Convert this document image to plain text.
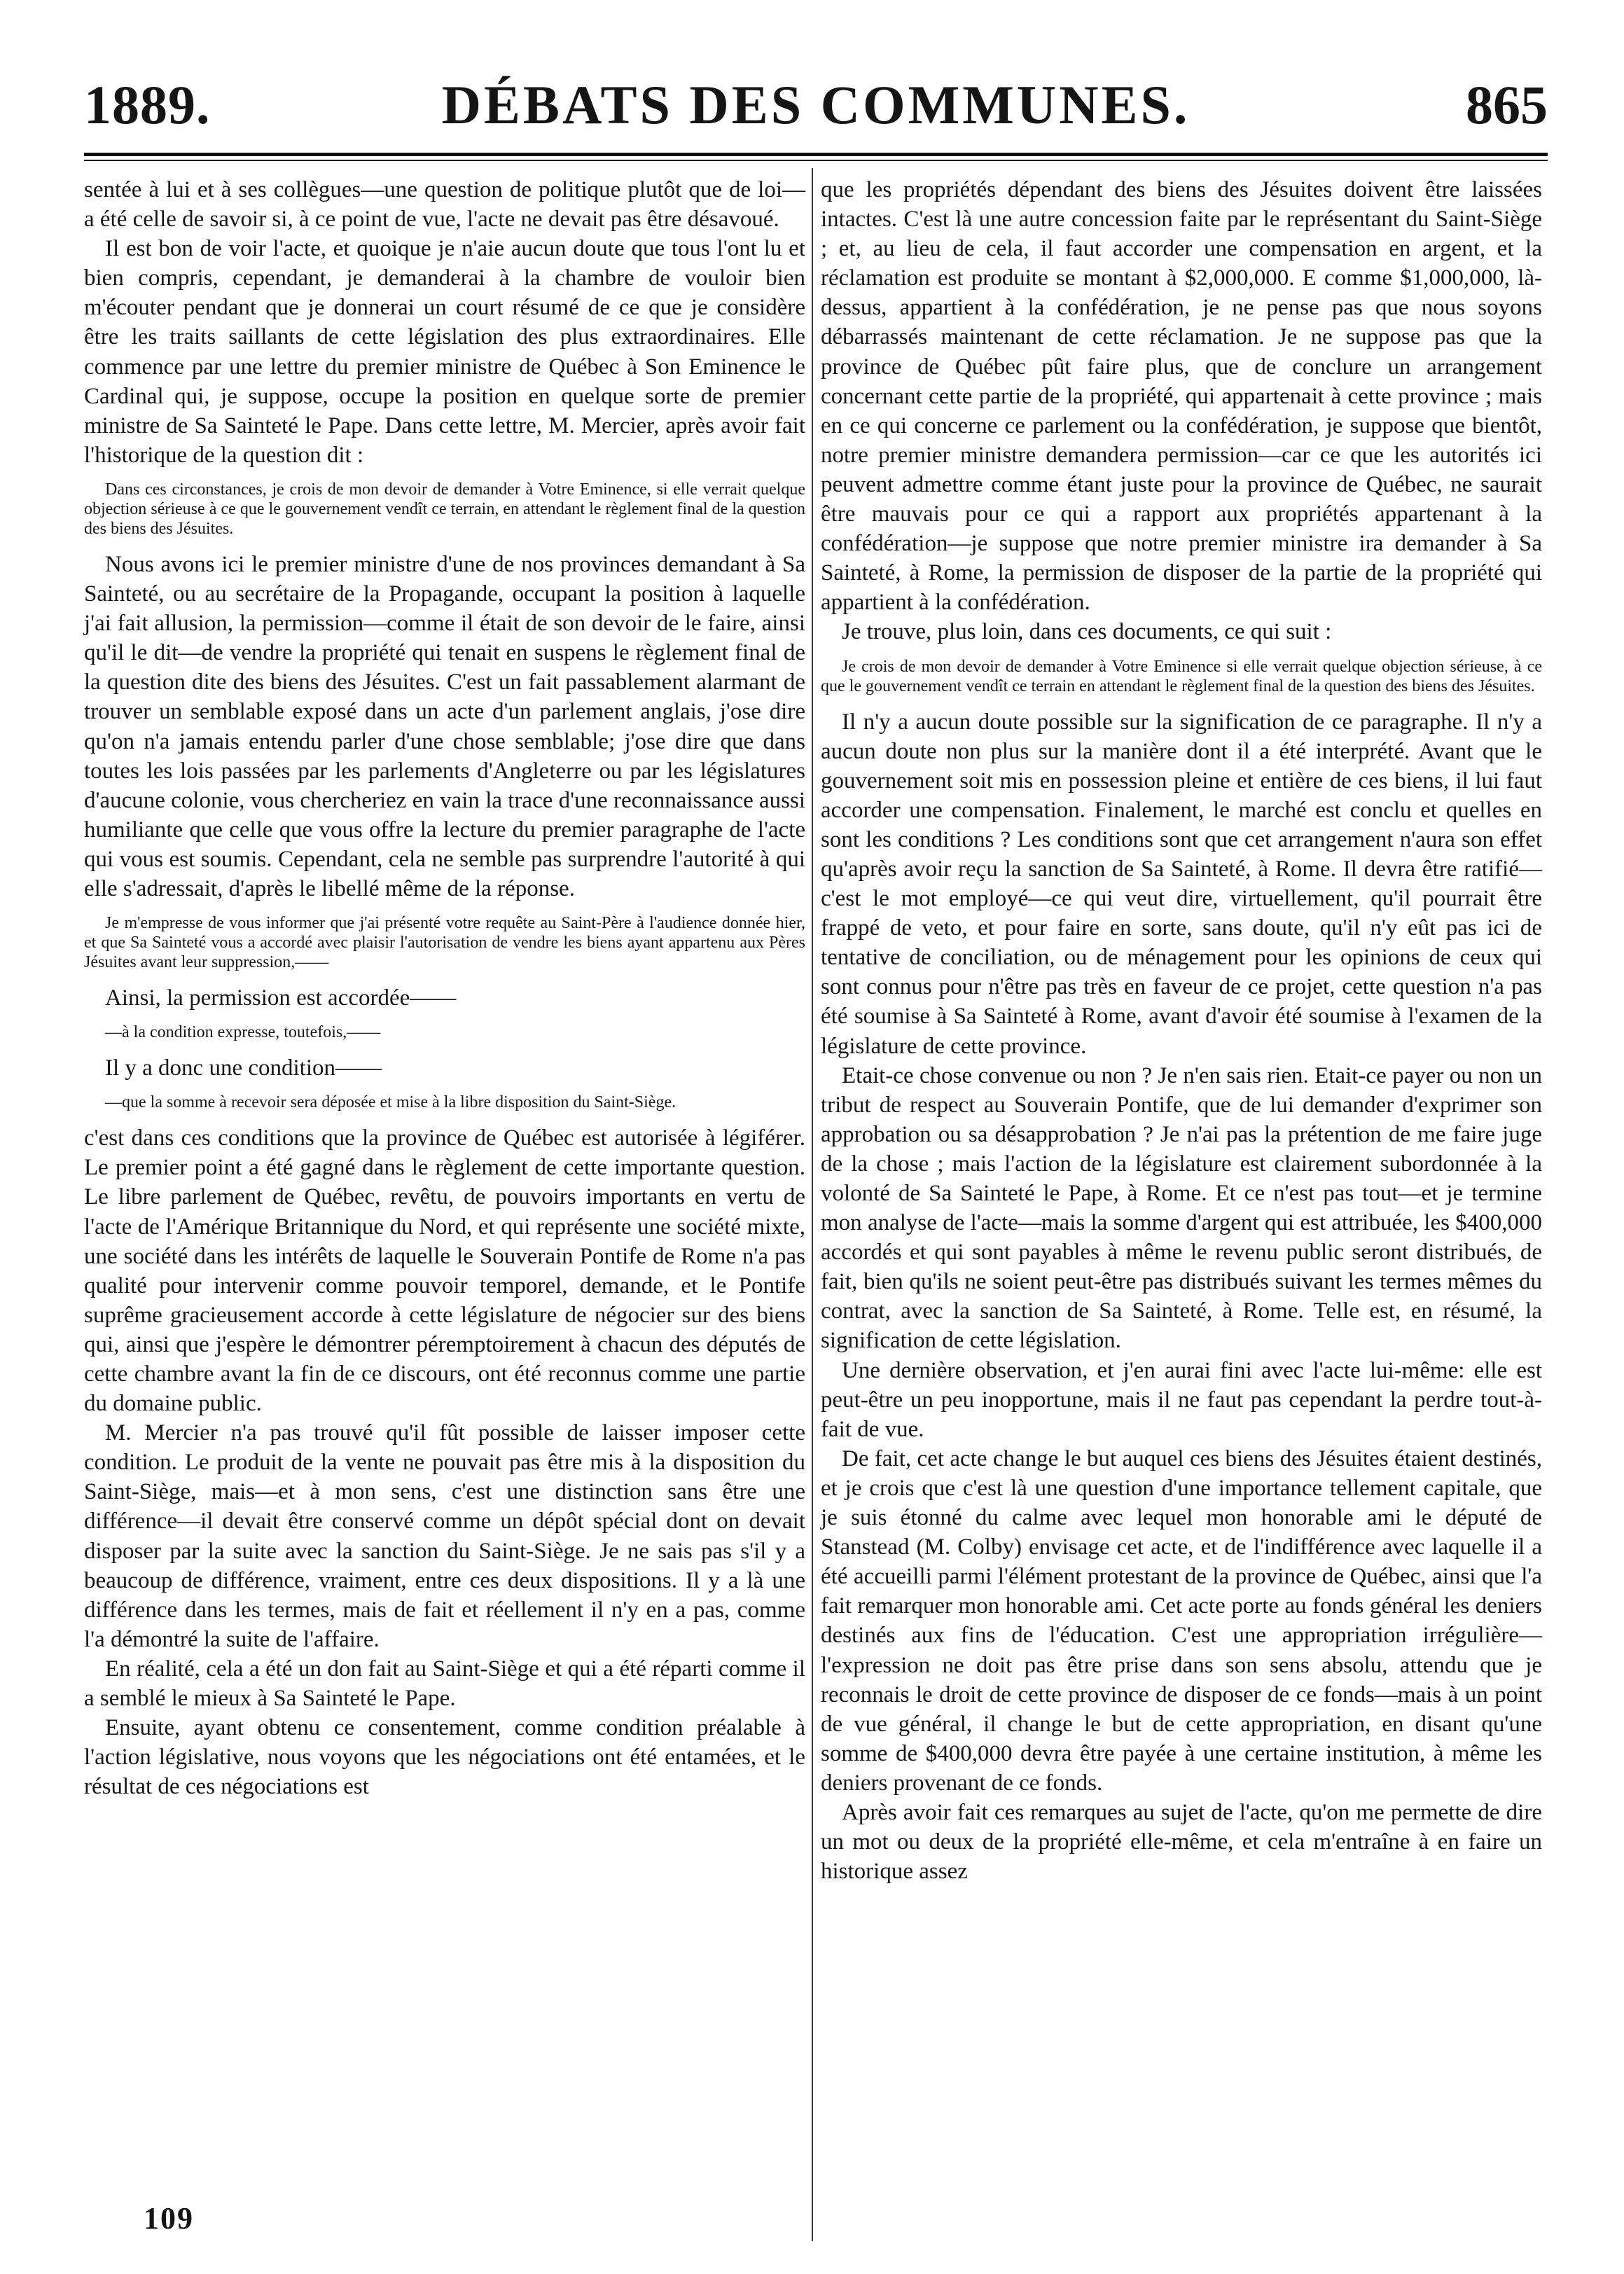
1889.	DÉBATS DES COMMUNES.	865

sentée à lui et à ses collègues—une question de politique plutôt que de loi— a été celle de savoir si, à ce point de vue, l'acte ne devait pas être désavoué.

Il est bon de voir l'acte, et quoique je n'aie aucun doute que tous l'ont lu et bien compris, cependant, je demanderai à la chambre de vouloir bien m'écouter pendant que je donnerai un court résumé de ce que je considère être les traits saillants de cette législation des plus extraordinaires. Elle commence par une lettre du premier ministre de Québec à Son Eminence le Cardinal qui, je suppose, occupe la position en quelque sorte de premier ministre de Sa Sainteté le Pape. Dans cette lettre, M. Mercier, après avoir fait l'historique de la question dit :

Dans ces circonstances, je crois de mon devoir de demander à Votre Eminence, si elle verrait quelque objection sérieuse à ce que le gouvernement vendît ce terrain, en attendant le règlement final de la question des biens des Jésuites.

Nous avons ici le premier ministre d'une de nos provinces demandant à Sa Sainteté, ou au secrétaire de la Propagande, occupant la position à laquelle j'ai fait allusion, la permission—comme il était de son devoir de le faire, ainsi qu'il le dit—de vendre la propriété qui tenait en suspens le règlement final de la question dite des biens des Jésuites. C'est un fait passablement alarmant de trouver un semblable exposé dans un acte d'un parlement anglais, j'ose dire qu'on n'a jamais entendu parler d'une chose semblable; j'ose dire que dans toutes les lois passées par les parlements d'Angleterre ou par les législatures d'aucune colonie, vous chercheriez en vain la trace d'une reconnaissance aussi humiliante que celle que vous offre la lecture du premier paragraphe de l'acte qui vous est soumis. Cependant, cela ne semble pas surprendre l'autorité à qui elle s'adressait, d'après le libellé même de la réponse.

Je m'empresse de vous informer que j'ai présenté votre requête au Saint-Père à l'audience donnée hier, et que Sa Sainteté vous a accordé avec plaisir l'autorisation de vendre les biens ayant appartenu aux Pères Jésuites avant leur suppression,——

Ainsi, la permission est accordée——

—à la condition expresse, toutefois,——

Il y a donc une condition——

—que la somme à recevoir sera déposée et mise à la libre disposition du Saint-Siège.

c'est dans ces conditions que la province de Québec est autorisée à légiférer. Le premier point a été gagné dans le règlement de cette importante question. Le libre parlement de Québec, revêtu, de pouvoirs importants en vertu de l'acte de l'Amérique Britannique du Nord, et qui représente une société mixte, une société dans les intérêts de laquelle le Souverain Pontife de Rome n'a pas qualité pour intervenir comme pouvoir temporel, demande, et le Pontife suprême gracieusement accorde à cette législature de négocier sur des biens qui, ainsi que j'espère le démontrer péremptoirement à chacun des députés de cette chambre avant la fin de ce discours, ont été reconnus comme une partie du domaine public.

M. Mercier n'a pas trouvé qu'il fût possible de laisser imposer cette condition. Le produit de la vente ne pouvait pas être mis à la disposition du Saint-Siège, mais—et à mon sens, c'est une distinction sans être une différence—il devait être conservé comme un dépôt spécial dont on devait disposer par la suite avec la sanction du Saint-Siège. Je ne sais pas s'il y a beaucoup de différence, vraiment, entre ces deux dispositions. Il y a là une différence dans les termes, mais de fait et réellement il n'y en a pas, comme l'a démontré la suite de l'affaire.

En réalité, cela a été un don fait au Saint-Siège et qui a été réparti comme il a semblé le mieux à Sa Sainteté le Pape.

Ensuite, ayant obtenu ce consentement, comme condition préalable à l'action législative, nous voyons que les négociations ont été entamées, et le résultat de ces négociations est

que les propriétés dépendant des biens des Jésuites doivent être laissées intactes. C'est là une autre concession faite par le représentant du Saint-Siège ; et, au lieu de cela, il faut accorder une compensation en argent, et la réclamation est produite se montant à $2,000,000. E comme $1,000,000, là-dessus, appartient à la confédération, je ne pense pas que nous soyons débarrassés maintenant de cette réclamation. Je ne suppose pas que la province de Québec pût faire plus, que de conclure un arrangement concernant cette partie de la propriété, qui appartenait à cette province ; mais en ce qui concerne ce parlement ou la confédération, je suppose que bientôt, notre premier ministre demandera permission—car ce que les autorités ici peuvent admettre comme étant juste pour la province de Québec, ne saurait être mauvais pour ce qui a rapport aux propriétés appartenant à la confédération—je suppose que notre premier ministre ira demander à Sa Sainteté, à Rome, la permission de disposer de la partie de la propriété qui appartient à la confédération.

Je trouve, plus loin, dans ces documents, ce qui suit :

Je crois de mon devoir de demander à Votre Eminence si elle verrait quelque objection sérieuse, à ce que le gouvernement vendît ce terrain en attendant le règlement final de la question des biens des Jésuites.

Il n'y a aucun doute possible sur la signification de ce paragraphe. Il n'y a aucun doute non plus sur la manière dont il a été interprété. Avant que le gouvernement soit mis en possession pleine et entière de ces biens, il lui faut accorder une compensation. Finalement, le marché est conclu et quelles en sont les conditions ? Les conditions sont que cet arrangement n'aura son effet qu'après avoir reçu la sanction de Sa Sainteté, à Rome. Il devra être ratifié—c'est le mot employé—ce qui veut dire, virtuellement, qu'il pourrait être frappé de veto, et pour faire en sorte, sans doute, qu'il n'y eût pas ici de tentative de conciliation, ou de ménagement pour les opinions de ceux qui sont connus pour n'être pas très en faveur de ce projet, cette question n'a pas été soumise à Sa Sainteté à Rome, avant d'avoir été soumise à l'examen de la législature de cette province.

Etait-ce chose convenue ou non ? Je n'en sais rien. Etait-ce payer ou non un tribut de respect au Souverain Pontife, que de lui demander d'exprimer son approbation ou sa désapprobation ? Je n'ai pas la prétention de me faire juge de la chose ; mais l'action de la législature est clairement subordonnée à la volonté de Sa Sainteté le Pape, à Rome. Et ce n'est pas tout—et je termine mon analyse de l'acte—mais la somme d'argent qui est attribuée, les $400,000 accordés et qui sont payables à même le revenu public seront distribués, de fait, bien qu'ils ne soient peut-être pas distribués suivant les termes mêmes du contrat, avec la sanction de Sa Sainteté, à Rome. Telle est, en résumé, la signification de cette législation.

Une dernière observation, et j'en aurai fini avec l'acte lui-même: elle est peut-être un peu inopportune, mais il ne faut pas cependant la perdre tout-à-fait de vue.

De fait, cet acte change le but auquel ces biens des Jésuites étaient destinés, et je crois que c'est là une question d'une importance tellement capitale, que je suis étonné du calme avec lequel mon honorable ami le député de Stanstead (M. Colby) envisage cet acte, et de l'indifférence avec laquelle il a été accueilli parmi l'élément protestant de la province de Québec, ainsi que l'a fait remarquer mon honorable ami. Cet acte porte au fonds général les deniers destinés aux fins de l'éducation. C'est une appropriation irrégulière—l'expression ne doit pas être prise dans son sens absolu, attendu que je reconnais le droit de cette province de disposer de ce fonds—mais à un point de vue général, il change le but de cette appropriation, en disant qu'une somme de $400,000 devra être payée à une certaine institution, à même les deniers provenant de ce fonds.

Après avoir fait ces remarques au sujet de l'acte, qu'on me permette de dire un mot ou deux de la propriété elle-même, et cela m'entraîne à en faire un historique assez

109
